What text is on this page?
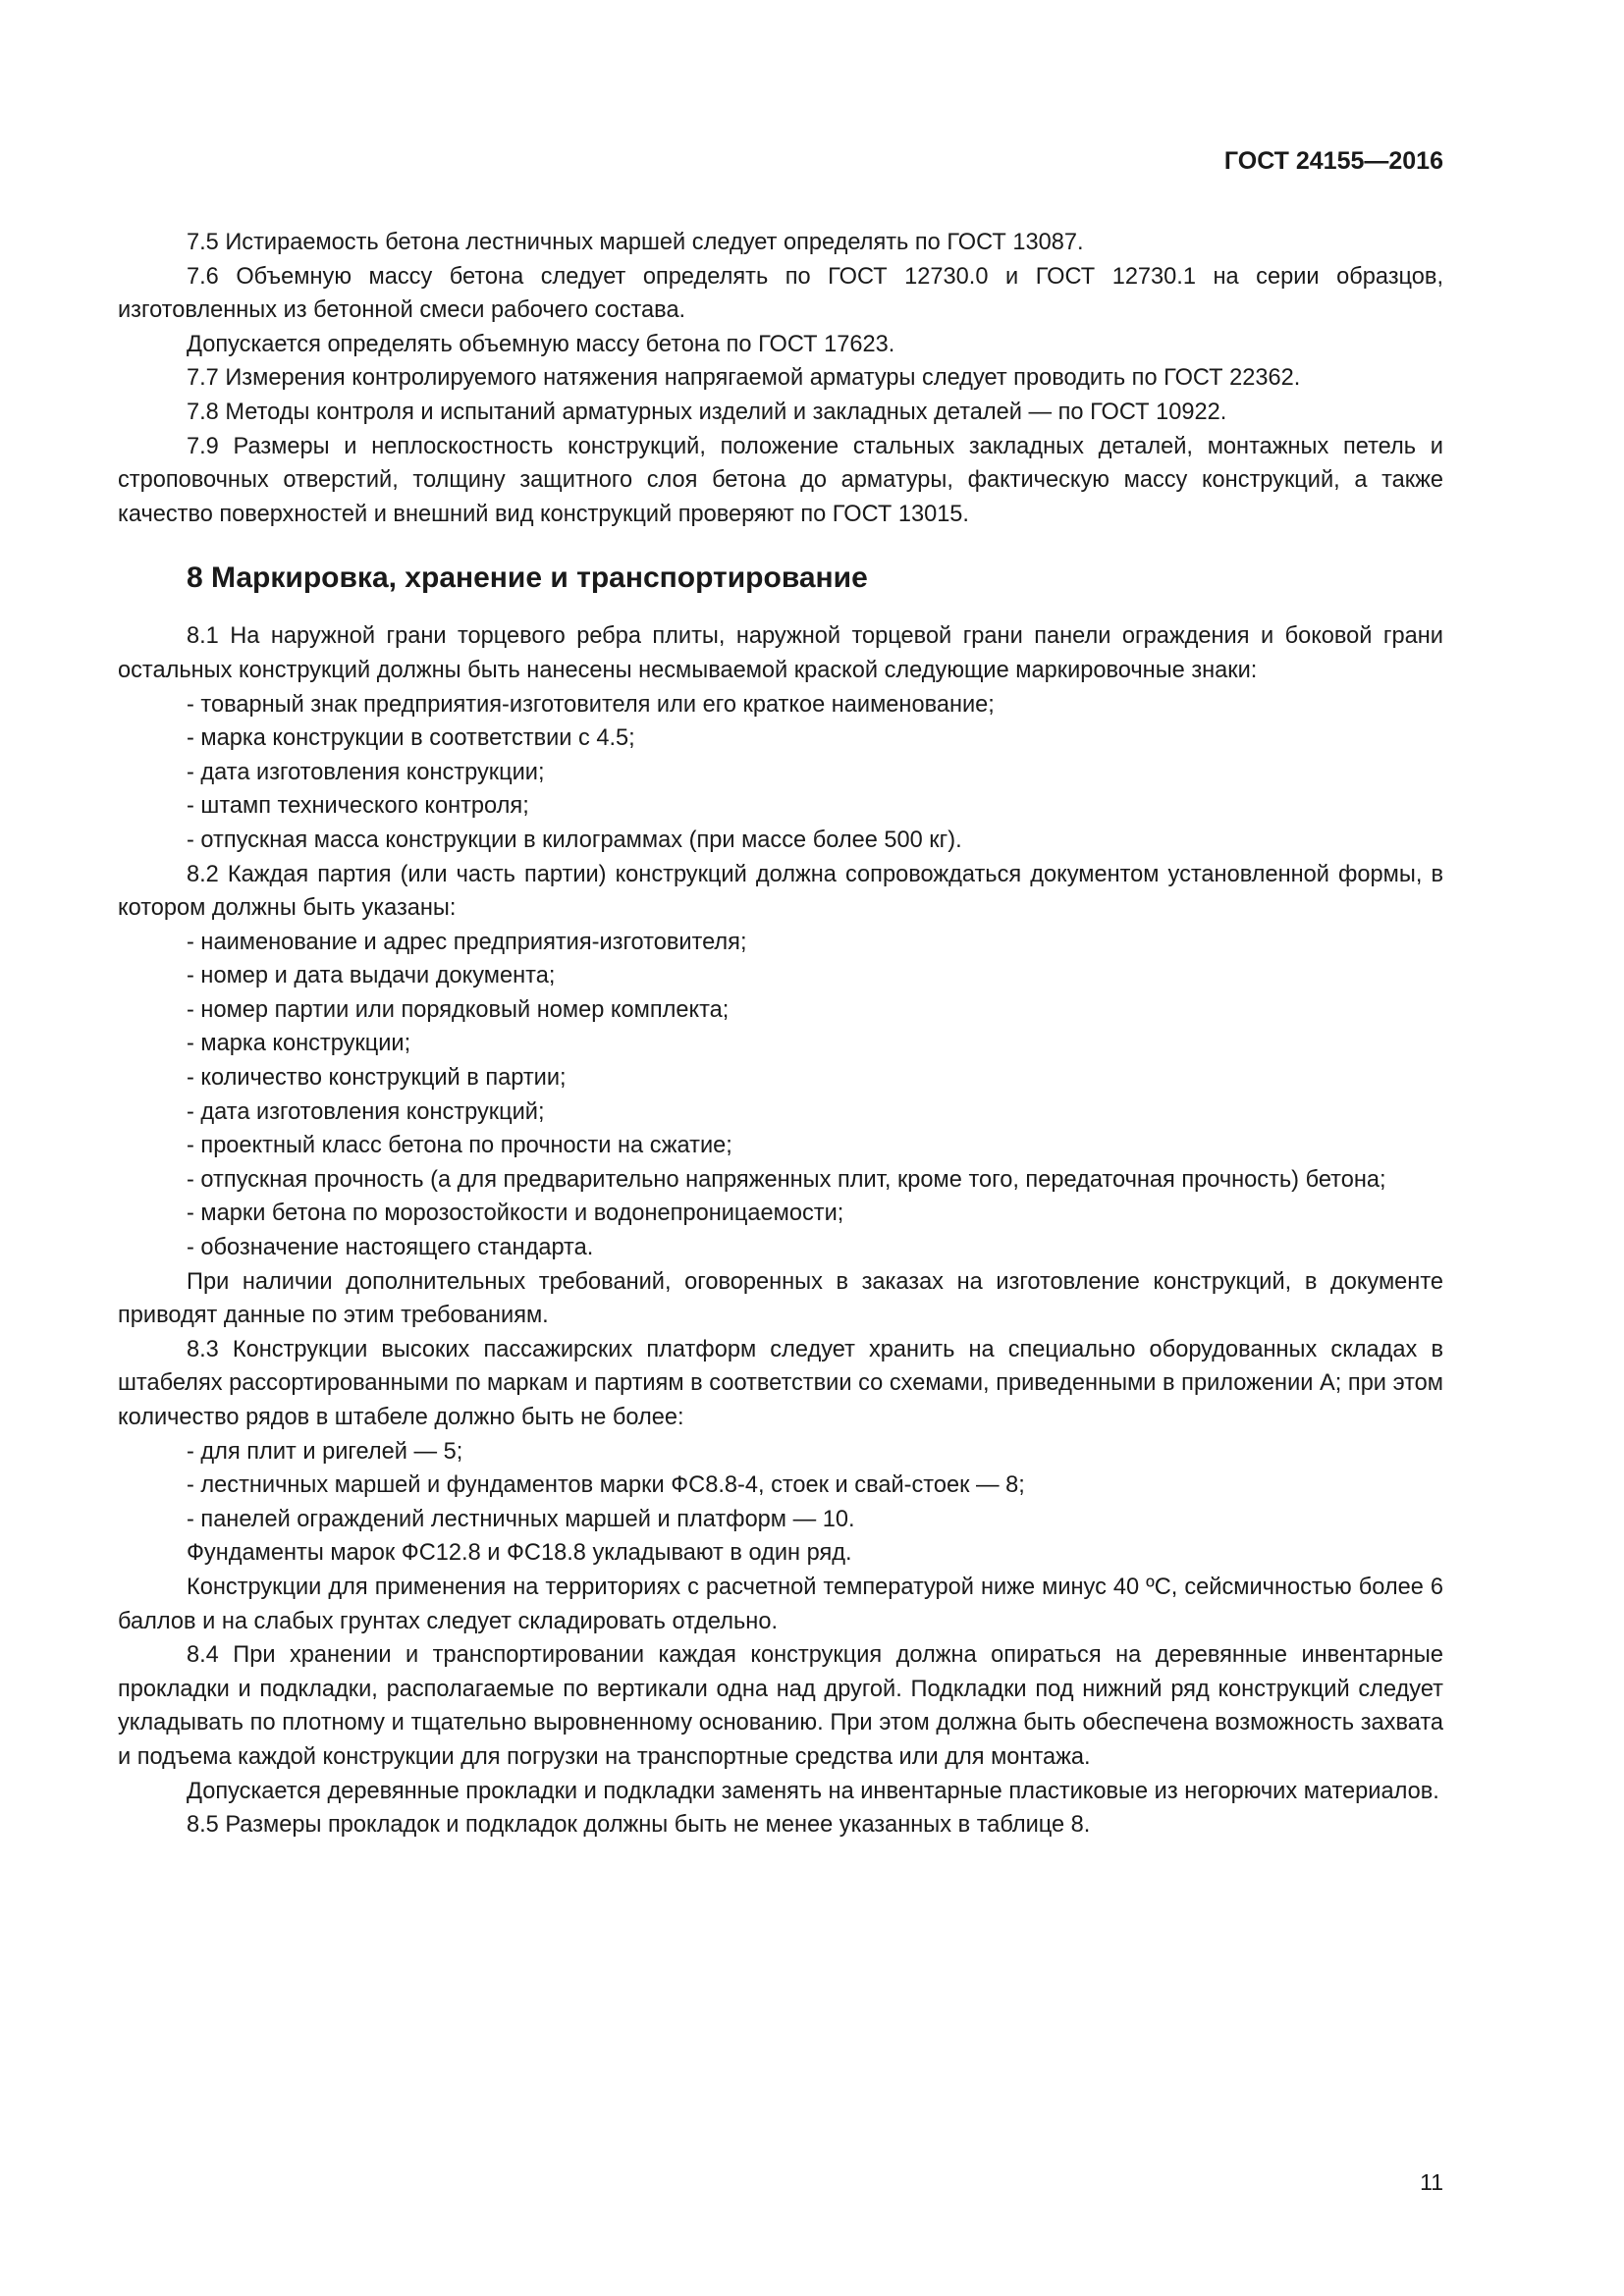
ГОСТ 24155—2016

7.5 Истираемость бетона лестничных маршей следует определять по ГОСТ 13087.

7.6 Объемную массу бетона следует определять по ГОСТ 12730.0 и ГОСТ 12730.1 на серии образцов, изготовленных из бетонной смеси рабочего состава.

Допускается определять объемную массу бетона по ГОСТ 17623.

7.7 Измерения контролируемого натяжения напрягаемой арматуры следует проводить по ГОСТ 22362.

7.8 Методы контроля и испытаний арматурных изделий и закладных деталей — по ГОСТ 10922.

7.9 Размеры и неплоскостность конструкций, положение стальных закладных деталей, монтажных петель и строповочных отверстий, толщину защитного слоя бетона до арматуры, фактическую массу конструкций, а также качество поверхностей и внешний вид конструкций проверяют по ГОСТ 13015.

8 Маркировка, хранение и транспортирование

8.1 На наружной грани торцевого ребра плиты, наружной торцевой грани панели ограждения и боковой грани остальных конструкций должны быть нанесены несмываемой краской следующие маркировочные знаки:

- товарный знак предприятия-изготовителя или его краткое наименование;

- марка конструкции в соответствии с 4.5;

- дата изготовления конструкции;

- штамп технического контроля;

- отпускная масса конструкции в килограммах (при массе более 500 кг).

8.2 Каждая партия (или часть партии) конструкций должна сопровождаться документом установленной формы, в котором должны быть указаны:

- наименование и адрес предприятия-изготовителя;

- номер и дата выдачи документа;

- номер партии или порядковый номер комплекта;

- марка конструкции;

- количество конструкций в партии;

- дата изготовления конструкций;

- проектный класс бетона по прочности на сжатие;

- отпускная прочность (а для предварительно напряженных плит, кроме того, передаточная прочность) бетона;

- марки бетона по морозостойкости и водонепроницаемости;

- обозначение настоящего стандарта.

При наличии дополнительных требований, оговоренных в заказах на изготовление конструкций, в документе приводят данные по этим требованиям.

8.3 Конструкции высоких пассажирских платформ следует хранить на специально оборудованных складах в штабелях рассортированными по маркам и партиям в соответствии со схемами, приведенными в приложении А; при этом количество рядов в штабеле должно быть не более:

- для плит и ригелей — 5;

- лестничных маршей и фундаментов марки ФС8.8-4, стоек и свай-стоек — 8;

- панелей ограждений лестничных маршей и платформ — 10.

Фундаменты марок ФС12.8 и ФС18.8 укладывают в один ряд.

Конструкции для применения на территориях с расчетной температурой ниже минус 40 ºС, сейсмичностью более 6 баллов и на слабых грунтах следует складировать отдельно.

8.4 При хранении и транспортировании каждая конструкция должна опираться на деревянные инвентарные прокладки и подкладки, располагаемые по вертикали одна над другой. Подкладки под нижний ряд конструкций следует укладывать по плотному и тщательно выровненному основанию. При этом должна быть обеспечена возможность захвата и подъема каждой конструкции для погрузки на транспортные средства или для монтажа.

Допускается деревянные прокладки и подкладки заменять на инвентарные пластиковые из негорючих материалов.

8.5 Размеры прокладок и подкладок должны быть не менее указанных в таблице 8.

11
